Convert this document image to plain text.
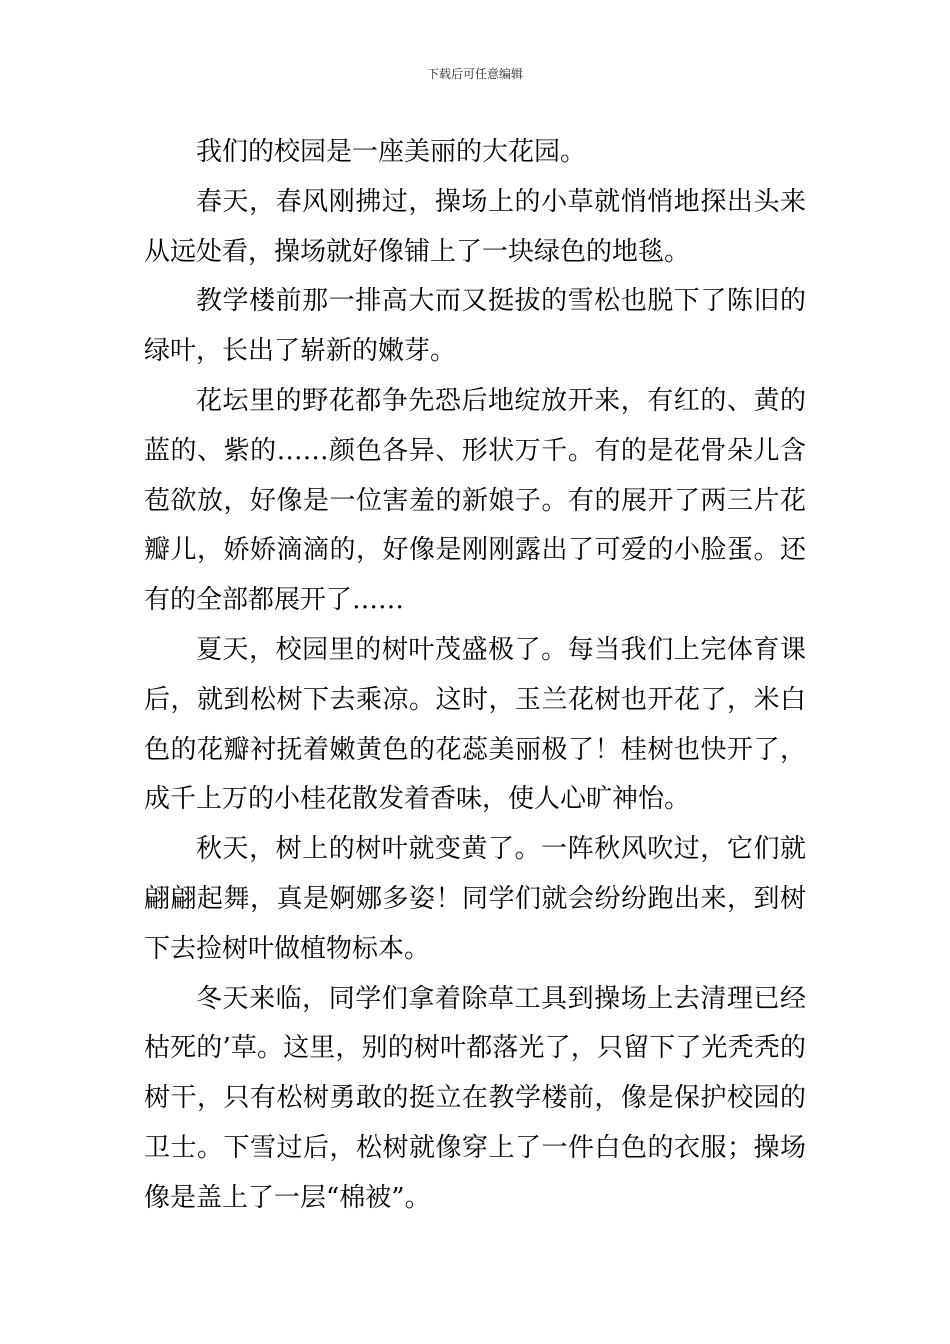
下载后可任意编辑

我们的校园是一座美丽的大花园。

春天，春风刚拂过，操场上的小草就悄悄地探出头来从远处看，操场就好像铺上了一块绿色的地毯。

教学楼前那一排高大而又挺拔的雪松也脱下了陈旧的绿叶，长出了崭新的嫩芽。

花坛里的野花都争先恐后地绽放开来，有红的、黄的蓝的、紫的……颜色各异、形状万千。有的是花骨朵儿含苞欲放，好像是一位害羞的新娘子。有的展开了两三片花瓣儿，娇娇滴滴的，好像是刚刚露出了可爱的小脸蛋。还有的全部都展开了……

夏天，校园里的树叶茂盛极了。每当我们上完体育课后，就到松树下去乘凉。这时，玉兰花树也开花了，米白色的花瓣衬抚着嫩黄色的花蕊美丽极了！桂树也快开了，成千上万的小桂花散发着香味，使人心旷神怡。

秋天，树上的树叶就变黄了。一阵秋风吹过，它们就翩翩起舞，真是婀娜多姿！同学们就会纷纷跑出来，到树下去捡树叶做植物标本。

冬天来临，同学们拿着除草工具到操场上去清理已经枯死的’草。这里，别的树叶都落光了，只留下了光秃秃的树干，只有松树勇敢的挺立在教学楼前，像是保护校园的卫士。下雪过后，松树就像穿上了一件白色的衣服；操场像是盖上了一层“棉被”。
